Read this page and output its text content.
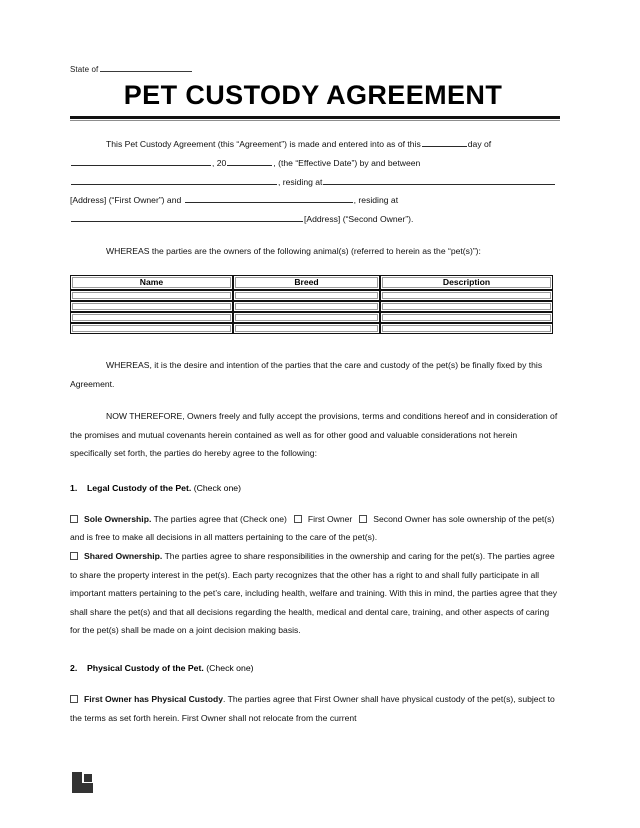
State of
PET CUSTODY AGREEMENT

This Pet Custody Agreement (this “Agreement”) is made and entered into as of this	day of , 20	, (the “Effective Date”) by and between, residing at[Address] (“First Owner”) and	, residing at[Address] (“Second Owner”).

WHEREAS the parties are the owners of the following animal(s) (referred to herein as the “pet(s)”):

Name	Breed	Description

WHEREAS, it is the desire and intention of the parties that the care and custody of the pet(s) be finally fixed by this Agreement.

NOW THEREFORE, Owners freely and fully accept the provisions, terms and conditions hereof and in consideration of the promises and mutual covenants herein contained as well as for other good and valuable considerations not herein specifically set forth, the parties do hereby agree to the following:

1. Legal Custody of the Pet. (Check one)

Sole Ownership. The parties agree that (Check one) First Owner Second Owner has sole ownership of the pet(s) and is free to make all decisions in all matters pertaining to the care of the pet(s).

Shared Ownership. The parties agree to share responsibilities in the ownership and caring for the pet(s). The parties agree to share the property interest in the pet(s). Each party recognizes that the other has a right to and shall fully participate in all important matters pertaining to the pet’s care, including health, welfare and training. With this in mind, the parties agree that they shall share the pet(s) and that all decisions regarding the health, medical and dental care, training, and other aspects of caring for the pet(s) shall be made on a joint decision making basis.

2. Physical Custody of the Pet. (Check one)

First Owner has Physical Custody. The parties agree that First Owner shall have physical custody of the pet(s), subject to the terms as set forth herein. First Owner shall not relocate from the current
